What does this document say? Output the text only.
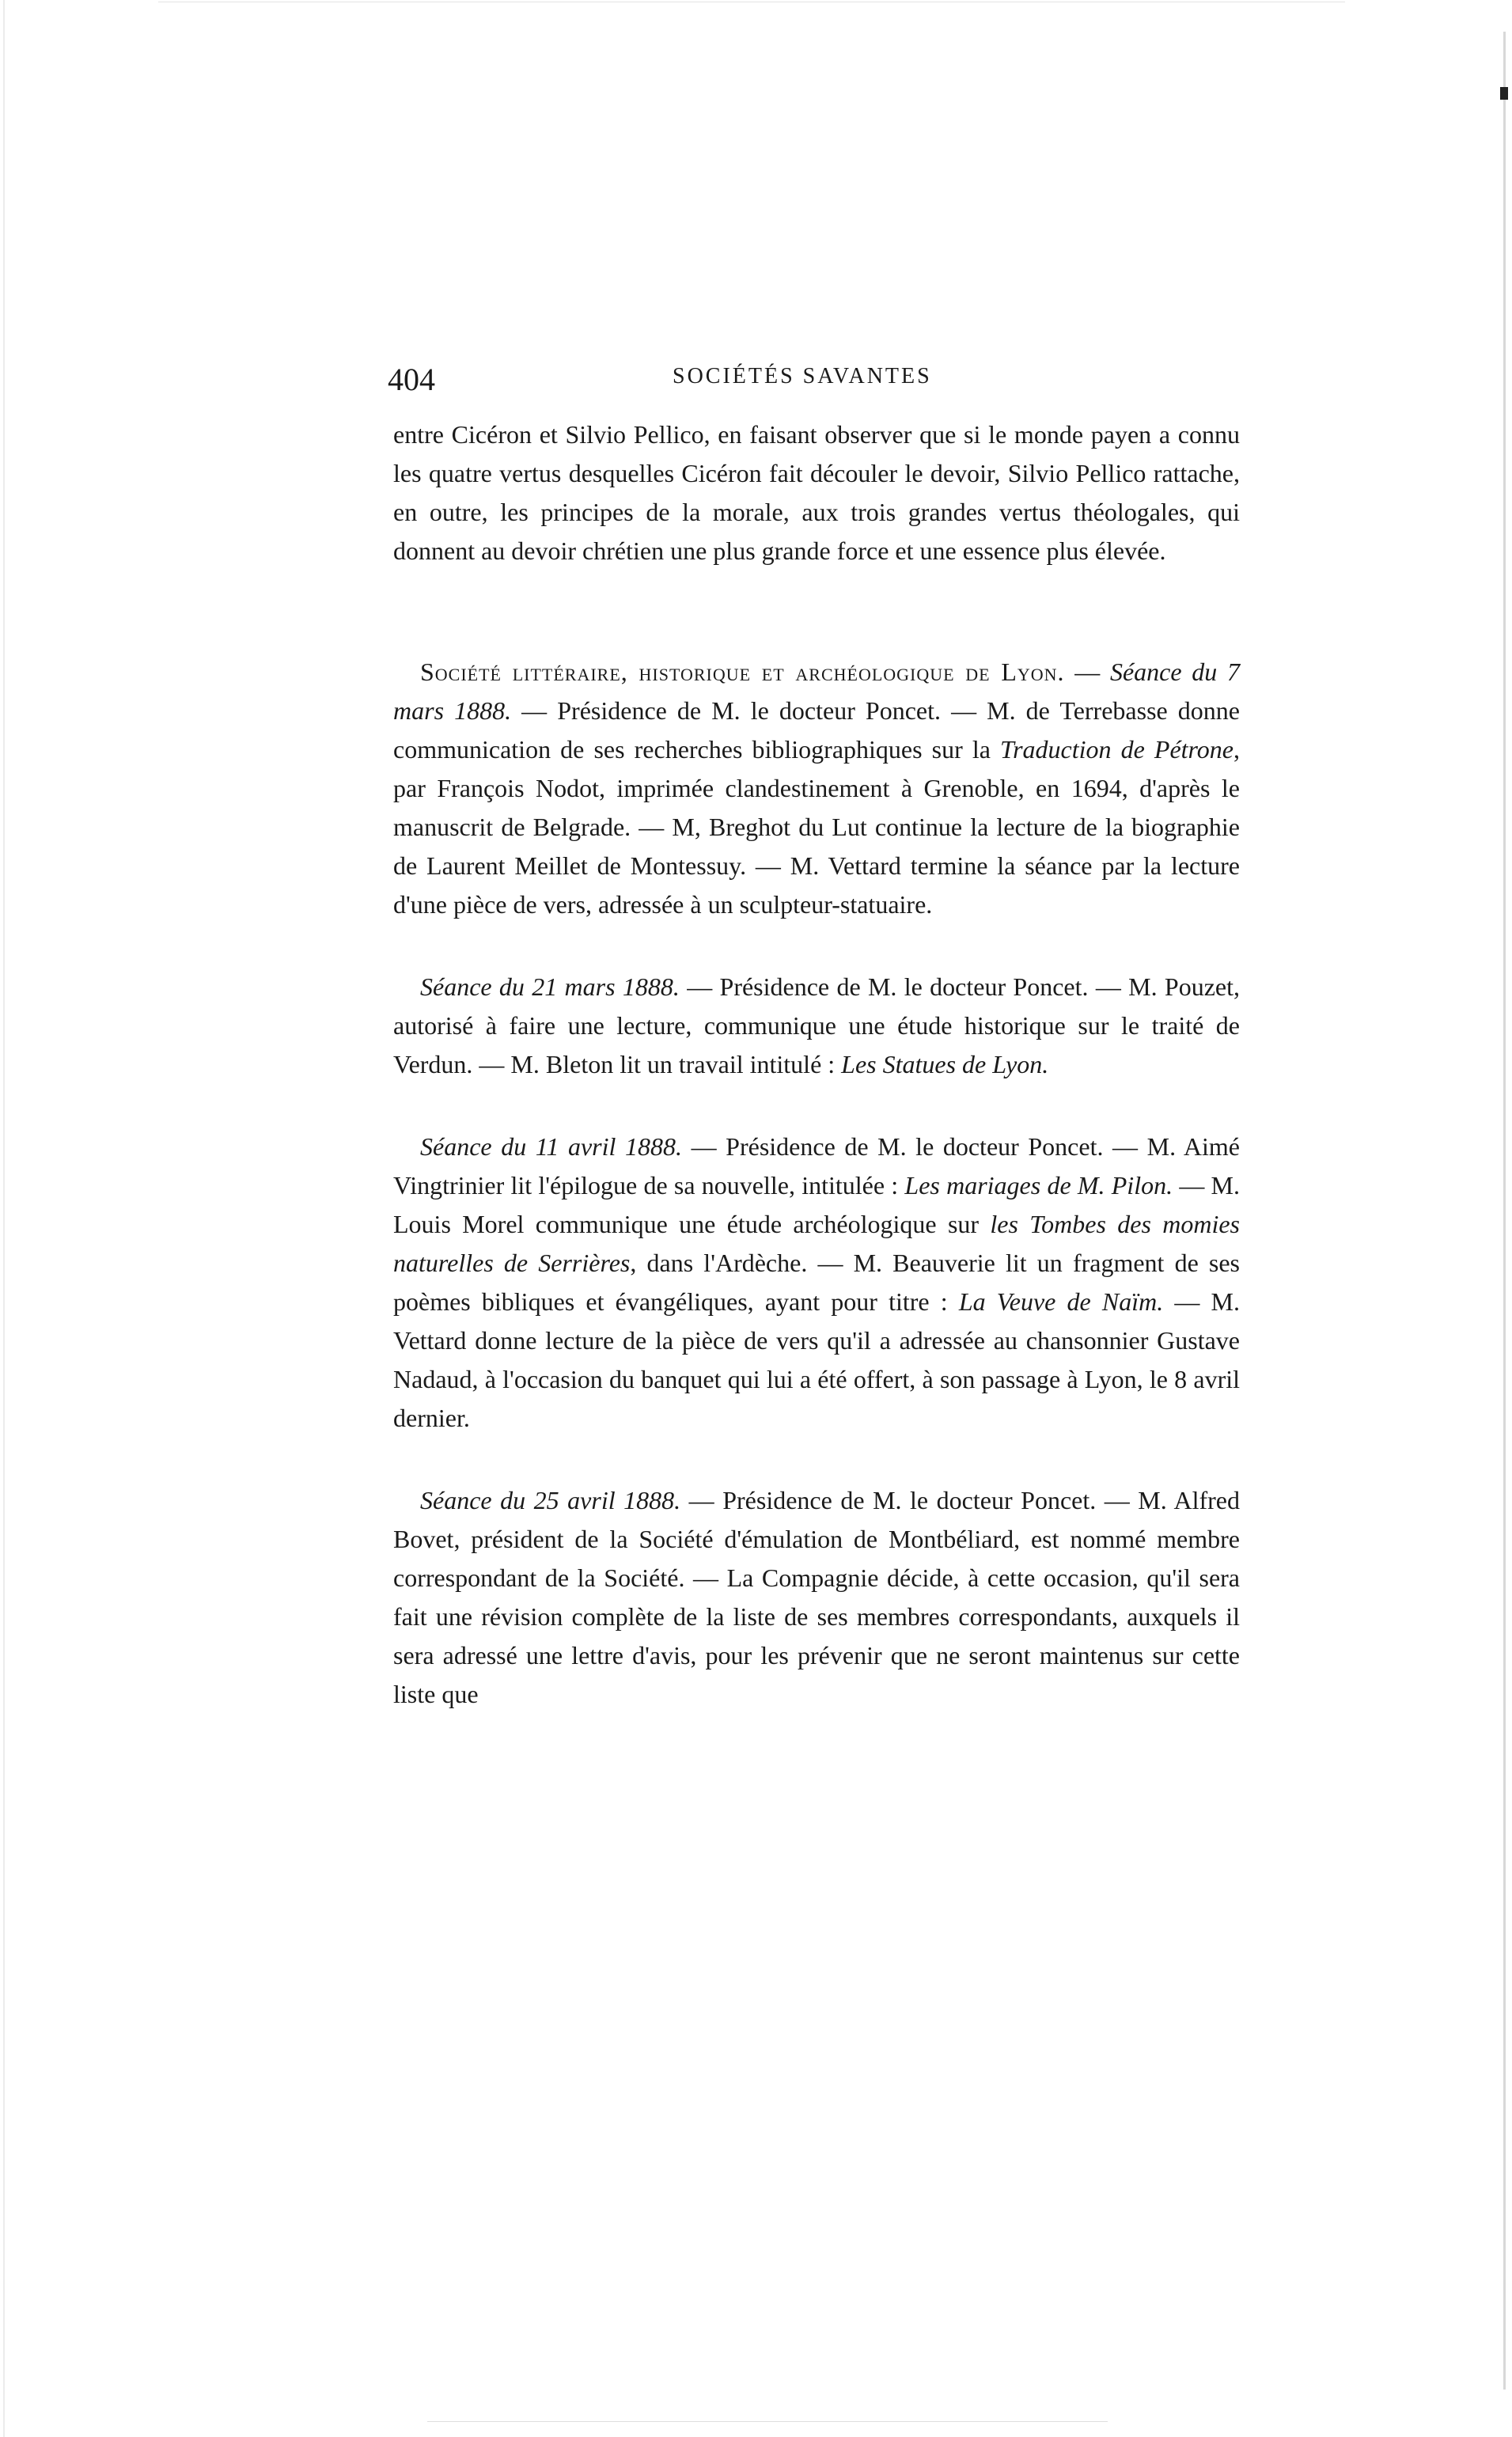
404	SOCIÉTÉS SAVANTES

entre Cicéron et Silvio Pellico, en faisant observer que si le monde payen a connu les quatre vertus desquelles Cicéron fait découler le devoir, Silvio Pellico rattache, en outre, les principes de la morale, aux trois grandes vertus théologales, qui donnent au devoir chrétien une plus grande force et une essence plus élevée.

Société littéraire, historique et archéologique de Lyon. — Séance du 7 mars 1888. — Présidence de M. le docteur Poncet. — M. de Terrebasse donne communication de ses recherches bibliographiques sur la Traduction de Pétrone, par François Nodot, imprimée clandestinement à Grenoble, en 1694, d'après le manuscrit de Belgrade. — M, Breghot du Lut continue la lecture de la biographie de Laurent Meillet de Montessuy. — M. Vettard termine la séance par la lecture d'une pièce de vers, adressée à un sculpteur-statuaire.

Séance du 21 mars 1888. — Présidence de M. le docteur Poncet. — M. Pouzet, autorisé à faire une lecture, communique une étude historique sur le traité de Verdun. — M. Bleton lit un travail intitulé : Les Statues de Lyon.

Séance du 11 avril 1888. — Présidence de M. le docteur Poncet. — M. Aimé Vingtrinier lit l'épilogue de sa nouvelle, intitulée : Les mariages de M. Pilon. — M. Louis Morel communique une étude archéologique sur les Tombes des momies naturelles de Serrières, dans l'Ardèche. — M. Beauverie lit un fragment de ses poèmes bibliques et évangéliques, ayant pour titre : La Veuve de Naïm. — M. Vettard donne lecture de la pièce de vers qu'il a adressée au chansonnier Gustave Nadaud, à l'occasion du banquet qui lui a été offert, à son passage à Lyon, le 8 avril dernier.

Séance du 25 avril 1888. — Présidence de M. le docteur Poncet. — M. Alfred Bovet, président de la Société d'émulation de Montbéliard, est nommé membre correspondant de la Société. — La Compagnie décide, à cette occasion, qu'il sera fait une révision complète de la liste de ses membres correspondants, auxquels il sera adressé une lettre d'avis, pour les prévenir que ne seront maintenus sur cette liste que
